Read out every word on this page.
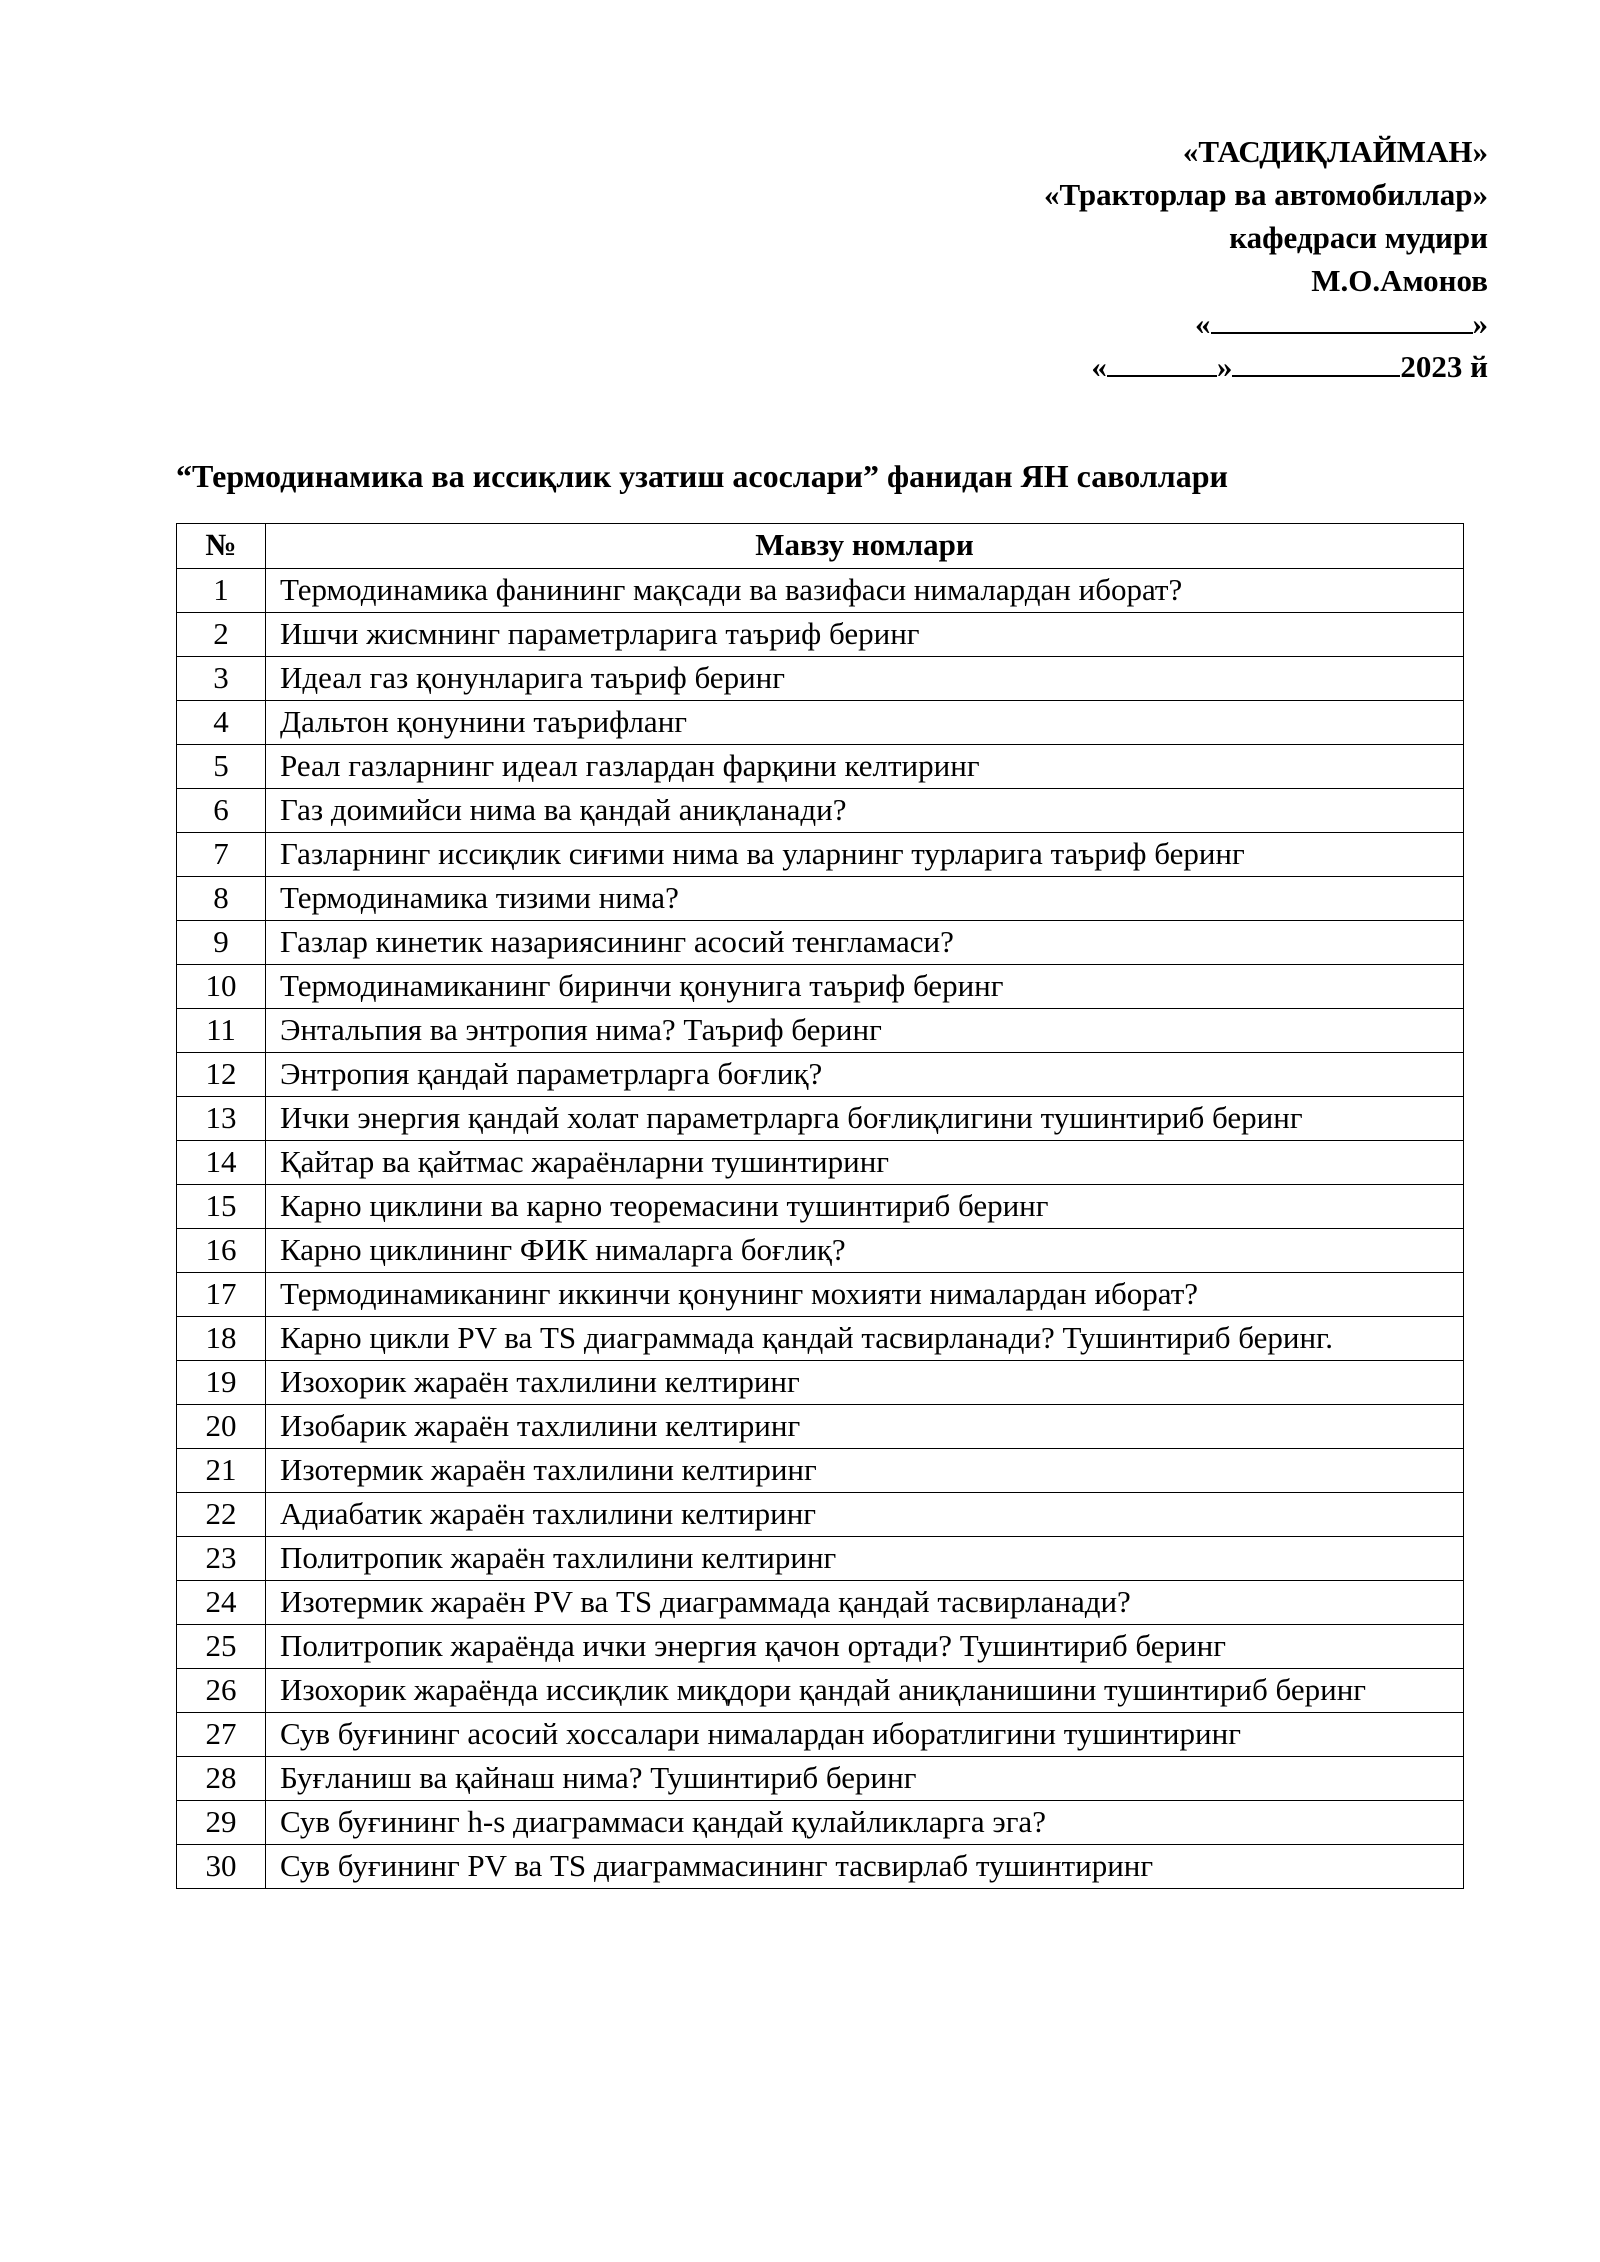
«ТАСДИҚЛАЙМАН»
«Тракторлар ва автомобиллар»
кафедраси мудири
М.О.Амонов
«	»
«	»	2023 й
“Термодинамика ва иссиқлик узатиш асослари” фанидан ЯН саволлари
№	Мавзу номлари
1	Термодинамика фанининг мақсади ва вазифаси нималардан иборат?
2	Ишчи жисмнинг параметрларига таъриф беринг
3	Идеал газ қонунларига таъриф беринг
4	Дальтон қонунини таърифланг
5	Реал газларнинг идеал газлардан фарқини келтиринг
6	Газ доимийси нима ва қандай аниқланади?
7	Газларнинг иссиқлик сиғими нима ва уларнинг турларига таъриф беринг
8	Термодинамика тизими нима?
9	Газлар кинетик назариясининг асосий тенгламаси?
10	Термодинамиканинг биринчи қонунига таъриф беринг
11	Энтальпия ва энтропия нима? Таъриф беринг
12	Энтропия қандай параметрларга боғлиқ?
13	Ички энергия қандай холат параметрларга боғлиқлигини тушинтириб беринг
14	Қайтар ва қайтмас жараёнларни тушинтиринг
15	Карно циклини ва карно теоремасини тушинтириб беринг
16	Карно циклининг ФИК нималарга боғлиқ?
17	Термодинамиканинг иккинчи қонунинг мохияти нималардан иборат?
18	Карно цикли PV ва TS диаграммада қандай тасвирланади? Тушинтириб беринг.
19	Изохорик жараён тахлилини келтиринг
20	Изобарик жараён тахлилини келтиринг
21	Изотермик жараён тахлилини келтиринг
22	Адиабатик жараён тахлилини келтиринг
23	Политропик жараён тахлилини келтиринг
24	Изотермик жараён PV ва TS диаграммада қандай тасвирланади?
25	Политропик жараёнда ички энергия қачон ортади? Тушинтириб беринг
26	Изохорик жараёнда иссиқлик миқдори қандай аниқланишини тушинтириб беринг
27	Сув буғининг асосий хоссалари нималардан иборатлигини тушинтиринг
28	Буғланиш ва қайнаш нима? Тушинтириб беринг
29	Сув буғининг h-s диаграммаси қандай қулайликларга эга?
30	Сув буғининг PV ва TS диаграммасининг тасвирлаб тушинтиринг
